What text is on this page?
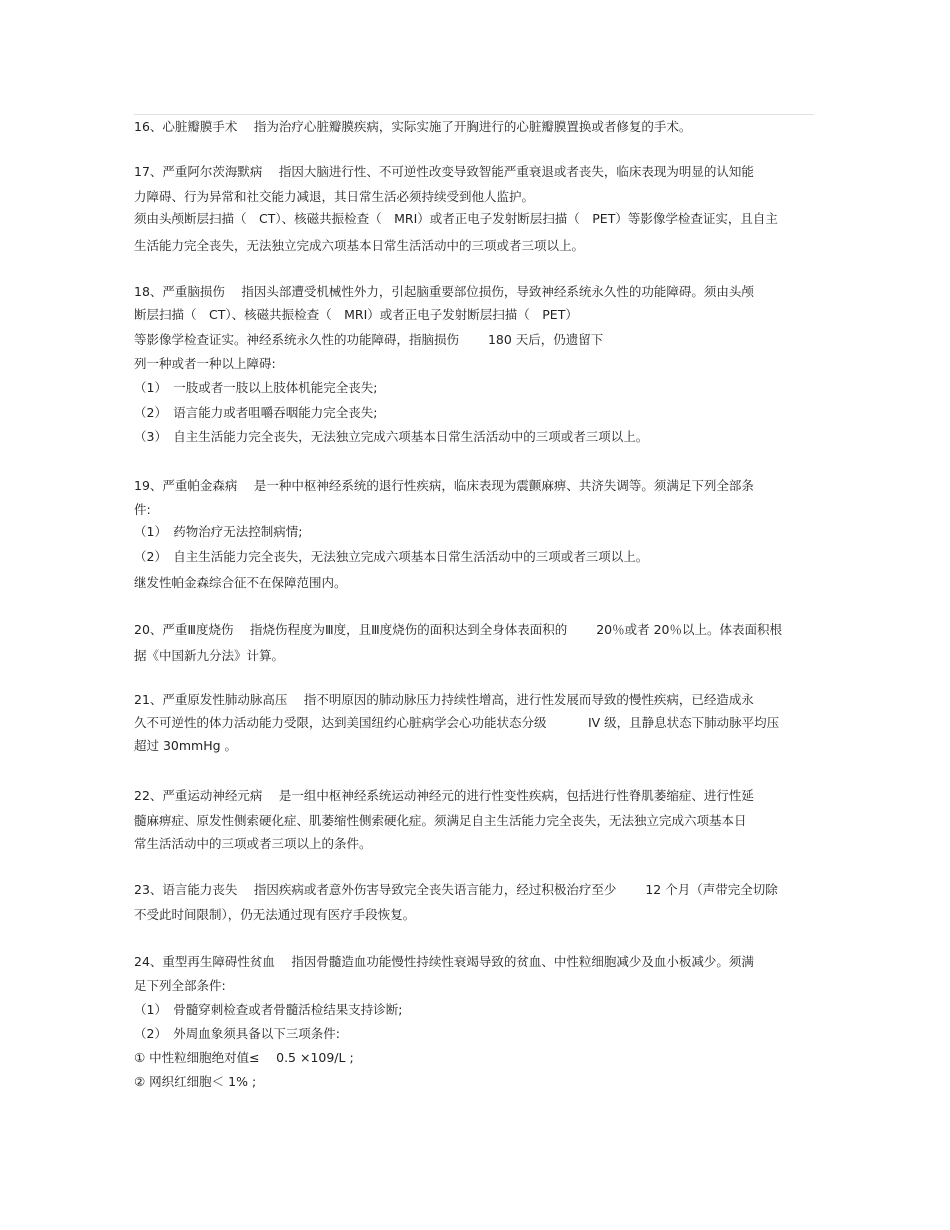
16、心脏瓣膜手术　 指为治疗心脏瓣膜疾病，实际实施了开胸进行的心脏瓣膜置换或者修复的手术。
17、严重阿尔茨海默病　 指因大脑进行性、不可逆性改变导致智能严重衰退或者丧失，临床表现为明显的认知能
力障碍、行为异常和社交能力减退，其日常生活必须持续受到他人监护。
须由头颅断层扫描（　CT）、核磁共振检查（　MRI）或者正电子发射断层扫描（　PET）等影像学检查证实，且自主
生活能力完全丧失，无法独立完成六项基本日常生活活动中的三项或者三项以上。
18、严重脑损伤　 指因头部遭受机械性外力，引起脑重要部位损伤，导致神经系统永久性的功能障碍。须由头颅
断层扫描（　CT）、核磁共振检查（　MRI）或者正电子发射断层扫描（　PET）
等影像学检查证实。神经系统永久性的功能障碍，指脑损伤　　 180 天后，仍遗留下
列一种或者一种以上障碍:
（1）　一肢或者一肢以上肢体机能完全丧失;
（2）　语言能力或者咀嚼吞咽能力完全丧失;
（3）　自主生活能力完全丧失，无法独立完成六项基本日常生活活动中的三项或者三项以上。
19、严重帕金森病　 是一种中枢神经系统的退行性疾病，临床表现为震颤麻痹、共济失调等。须满足下列全部条
件:
（1）　药物治疗无法控制病情;
（2）　自主生活能力完全丧失，无法独立完成六项基本日常生活活动中的三项或者三项以上。
继发性帕金森综合征不在保障范围内。
20、严重Ⅲ度烧伤　 指烧伤程度为Ⅲ度，且Ⅲ度烧伤的面积达到全身体表面积的　　 20％或者 20％以上。体表面积根
据《中国新九分法》计算。
21、严重原发性肺动脉高压　 指不明原因的肺动脉压力持续性增高，进行性发展而导致的慢性疾病，已经造成永
久不可逆性的体力活动能力受限，达到美国纽约心脏病学会心功能状态分级　　　 IV 级，且静息状态下肺动脉平均压
超过 30mmHg 。
22、严重运动神经元病　 是一组中枢神经系统运动神经元的进行性变性疾病，包括进行性脊肌萎缩症、进行性延
髓麻痹症、原发性侧索硬化症、肌萎缩性侧索硬化症。须满足自主生活能力完全丧失，无法独立完成六项基本日
常生活活动中的三项或者三项以上的条件。
23、语言能力丧失　 指因疾病或者意外伤害导致完全丧失语言能力，经过积极治疗至少　　 12 个月（声带完全切除
不受此时间限制），仍无法通过现有医疗手段恢复。
24、重型再生障碍性贫血　 指因骨髓造血功能慢性持续性衰竭导致的贫血、中性粒细胞减少及血小板减少。须满
足下列全部条件:
（1）　骨髓穿刺检查或者骨髓活检结果支持诊断;
（2）　外周血象须具备以下三项条件:
① 中性粒细胞绝对值≤　 0.5 ×109/L ;
② 网织红细胞＜ 1% ;
